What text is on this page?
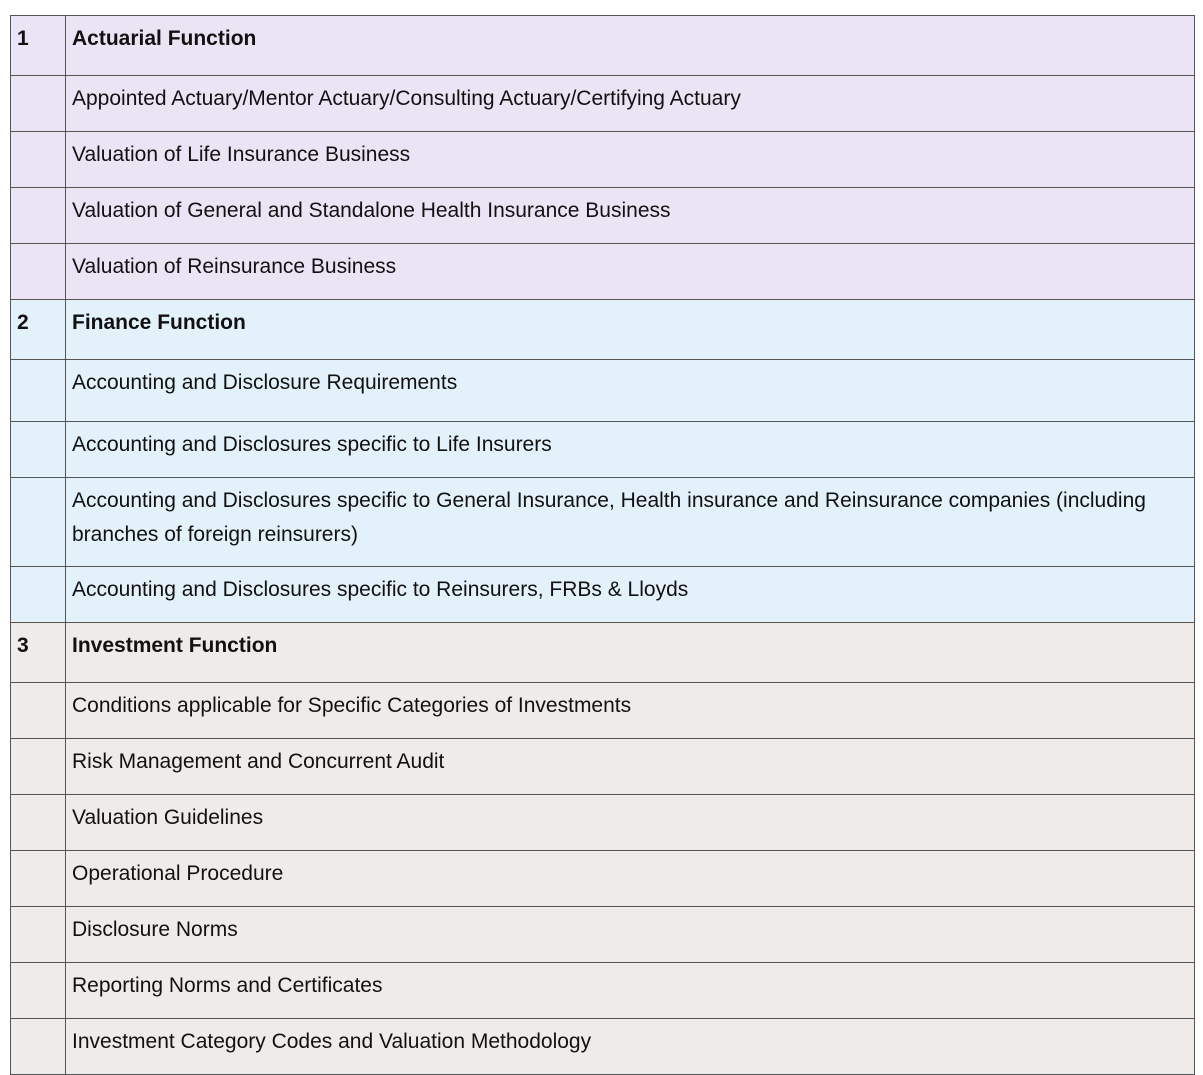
1	Actuarial Function
	Appointed Actuary/Mentor Actuary/Consulting Actuary/Certifying Actuary
	Valuation of Life Insurance Business
	Valuation of General and Standalone Health Insurance Business
	Valuation of Reinsurance Business
2	Finance Function
	Accounting and Disclosure Requirements
	Accounting and Disclosures specific to Life Insurers
	Accounting and Disclosures specific to General Insurance, Health insurance and Reinsurance companies (including branches of foreign reinsurers)
	Accounting and Disclosures specific to Reinsurers, FRBs & Lloyds
3	Investment Function
	Conditions applicable for Specific Categories of Investments
	Risk Management and Concurrent Audit
	Valuation Guidelines
	Operational Procedure
	Disclosure Norms
	Reporting Norms and Certificates
	Investment Category Codes and Valuation Methodology
